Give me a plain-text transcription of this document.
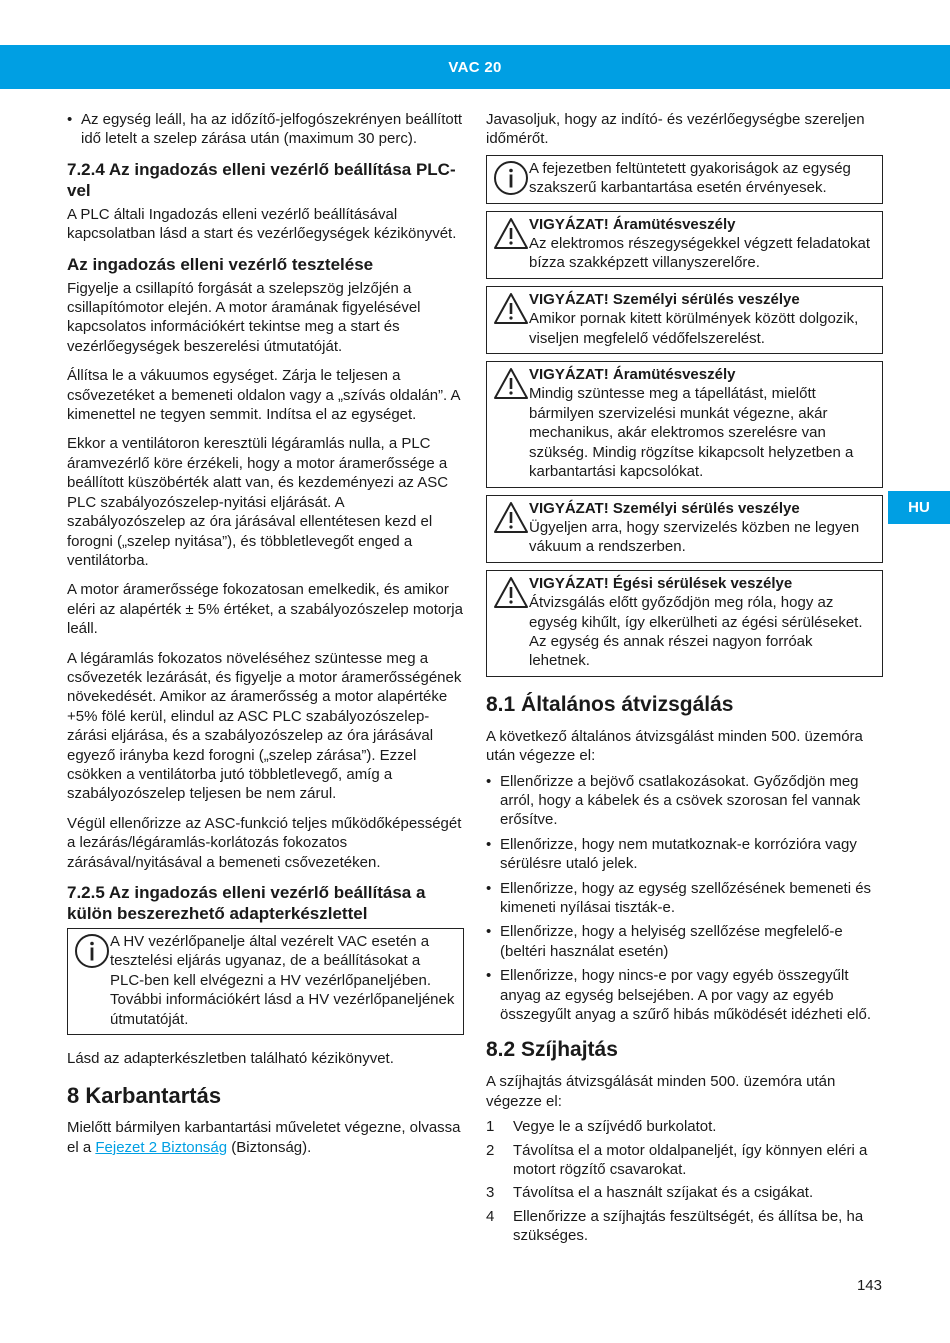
VAC 20
HU
• Az egység leáll, ha az időzítő-jelfogószekrényen beállított idő letelt a szelep zárása után (maximum 30 perc).
7.2.4 Az ingadozás elleni vezérlő beállítása PLC-vel

A PLC általi Ingadozás elleni vezérlő beállításával kapcsolatban lásd a start és vezérlőegységek kézikönyvét.

Az ingadozás elleni vezérlő tesztelése

Figyelje a csillapító forgását a szelepszög jelzőjén a csillapítómotor elején. A motor áramának figyelésével kapcsolatos információkért tekintse meg a start és vezérlőegységek beszerelési útmutatóját.

Állítsa le a vákuumos egységet. Zárja le teljesen a csővezetéket a bemeneti oldalon vagy a „szívás oldalán”. A kimenettel ne tegyen semmit. Indítsa el az egységet.

Ekkor a ventilátoron keresztüli légáramlás nulla, a PLC áramvezérlő köre érzékeli, hogy a motor áramerőssége a beállított küszöbérték alatt van, és kezdeményezi az ASC PLC szabályozószelep-nyitási eljárását. A szabályozószelep az óra járásával ellentétesen kezd el forogni („szelep nyitása”), és többletlevegőt enged a ventilátorba.

A motor áramerőssége fokozatosan emelkedik, és amikor eléri az alapérték ± 5% értéket, a szabályozószelep motorja leáll.

A légáramlás fokozatos növeléséhez szüntesse meg a csővezeték lezárását, és figyelje a motor áramerősségének növekedését. Amikor az áramerősség a motor alapértéke +5% fölé kerül, elindul az ASC PLC szabályozószelep-zárási eljárása, és a szabályozószelep az óra járásával egyező irányba kezd forogni („szelep zárása”). Ezzel csökken a ventilátorba jutó többletlevegő, amíg a szabályozószelep teljesen be nem zárul.

Végül ellenőrizze az ASC-funkció teljes működőképességét a lezárás/légáramlás-korlátozás fokozatos zárásával/nyitásával a bemeneti csővezetéken.

7.2.5 Az ingadozás elleni vezérlő beállítása a külön beszerezhető adapterkészlettel
A HV vezérlőpanelje által vezérelt VAC esetén a tesztelési eljárás ugyanaz, de a beállításokat a PLC-ben kell elvégezni a HV vezérlőpaneljében. További információkért lásd a HV vezérlőpaneljének útmutatóját.

Lásd az adapterkészletben található kézikönyvet.

8 Karbantartás

Mielőtt bármilyen karbantartási műveletet végezne, olvassa el a Fejezet 2 Biztonság (Biztonság).

Javasoljuk, hogy az indító- és vezérlőegységbe szereljen időmérőt.

A fejezetben feltüntetett gyakoriságok az egység szakszerű karbantartása esetén érvényesek.
VIGYÁZAT! Áramütésveszély
Az elektromos részegységekkel végzett feladatokat bízza szakképzett villanyszerelőre.
VIGYÁZAT! Személyi sérülés veszélye
Amikor pornak kitett körülmények között dolgozik, viseljen megfelelő védőfelszerelést.
VIGYÁZAT! Áramütésveszély
Mindig szüntesse meg a tápellátást, mielőtt bármilyen szervizelési munkát végezne, akár mechanikus, akár elektromos szerelésre van szükség. Mindig rögzítse kikapcsolt helyzetben a karbantartási kapcsolókat.
VIGYÁZAT! Személyi sérülés veszélye
Ügyeljen arra, hogy szervizelés közben ne legyen vákuum a rendszerben.
VIGYÁZAT! Égési sérülések veszélye
Átvizsgálás előtt győződjön meg róla, hogy az egység kihűlt, így elkerülheti az égési sérüléseket. Az egység és annak részei nagyon forróak lehetnek.
8.1 Általános átvizsgálás

A következő általános átvizsgálást minden 500. üzemóra után végezze el:

• Ellenőrizze a bejövő csatlakozásokat. Győződjön meg arról, hogy a kábelek és a csövek szorosan fel vannak erősítve.
• Ellenőrizze, hogy nem mutatkoznak-e korrózióra vagy sérülésre utaló jelek.
• Ellenőrizze, hogy az egység szellőzésének bemeneti és kimeneti nyílásai tiszták-e.
• Ellenőrizze, hogy a helyiség szellőzése megfelelő-e (beltéri használat esetén)
• Ellenőrizze, hogy nincs-e por vagy egyéb összegyűlt anyag az egység belsejében. A por vagy az egyéb összegyűlt anyag a szűrő hibás működését idézheti elő.
8.2 Szíjhajtás

A szíjhajtás átvizsgálását minden 500. üzemóra után végezze el:

1	Vegye le a szíjvédő burkolatot.
2	Távolítsa el a motor oldalpaneljét, így könnyen eléri a motort rögzítő csavarokat.
3	Távolítsa el a használt szíjakat és a csigákat.
4	Ellenőrizze a szíjhajtás feszültségét, és állítsa be, ha szükséges.
143
